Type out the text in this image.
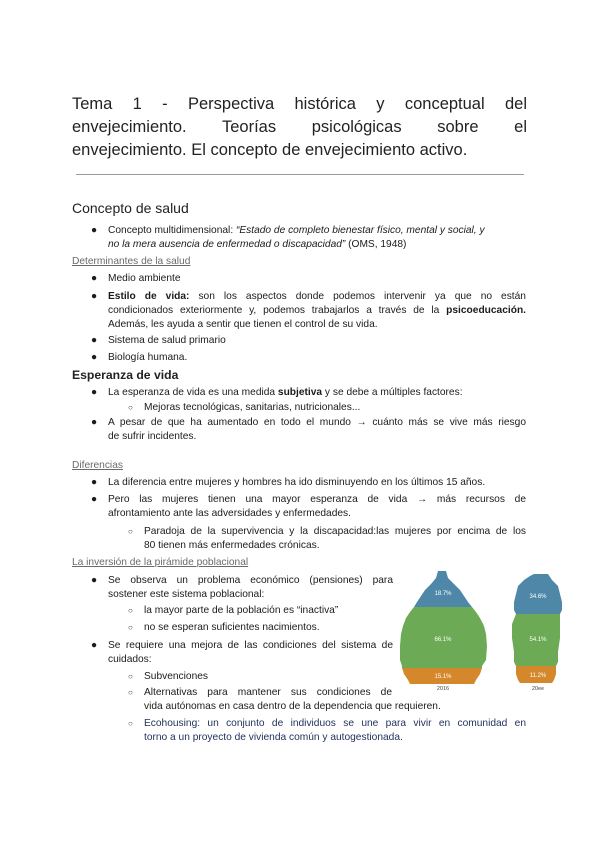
Tema 1 - Perspectiva histórica y conceptual del
envejecimiento. Teorías psicológicas sobre el
envejecimiento. El concepto de envejecimiento activo.
Concepto de salud
● Concepto multidimensional: “Estado de completo bienestar físico, mental y social, y
no la mera ausencia de enfermedad o discapacidad” (OMS, 1948)
Determinantes de la salud
● Medio ambiente
● Estilo de vida: son los aspectos donde podemos intervenir ya que no están
condicionados exteriormente y, podemos trabajarlos a través de la psicoeducación.
Además, les ayuda a sentir que tienen el control de su vida.
● Sistema de salud primario
● Biología humana.
Esperanza de vida
● La esperanza de vida es una medida subjetiva y se debe a múltiples factores:
○ Mejoras tecnológicas, sanitarias, nutricionales...
● A pesar de que ha aumentado en todo el mundo → cuánto más se vive más riesgo
de sufrir incidentes.
Diferencias
● La diferencia entre mujeres y hombres ha ido disminuyendo en los últimos 15 años.
● Pero las mujeres tienen una mayor esperanza de vida → más recursos de
afrontamiento ante las adversidades y enfermedades.
○ Paradoja de la supervivencia y la discapacidad:las mujeres por encima de los
80 tienen más enfermedades crónicas.
La inversión de la pirámide poblacional
● Se observa un problema económico (pensiones) para
sostener este sistema poblacional:
○ la mayor parte de la población es “inactiva”
○ no se esperan suficientes nacimientos.
● Se requiere una mejora de las condiciones del sistema de
cuidados:
○ Subvenciones
○ Alternativas para mantener sus condiciones de
vida autónomas en casa dentro de la dependencia que requieren.
○ Ecohousing: un conjunto de individuos se une para vivir en comunidad en
torno a un proyecto de vivienda común y autogestionada.
18.7%
66.1%
15.1%
34.6%
54.1%
11.2%
2016	20ee
